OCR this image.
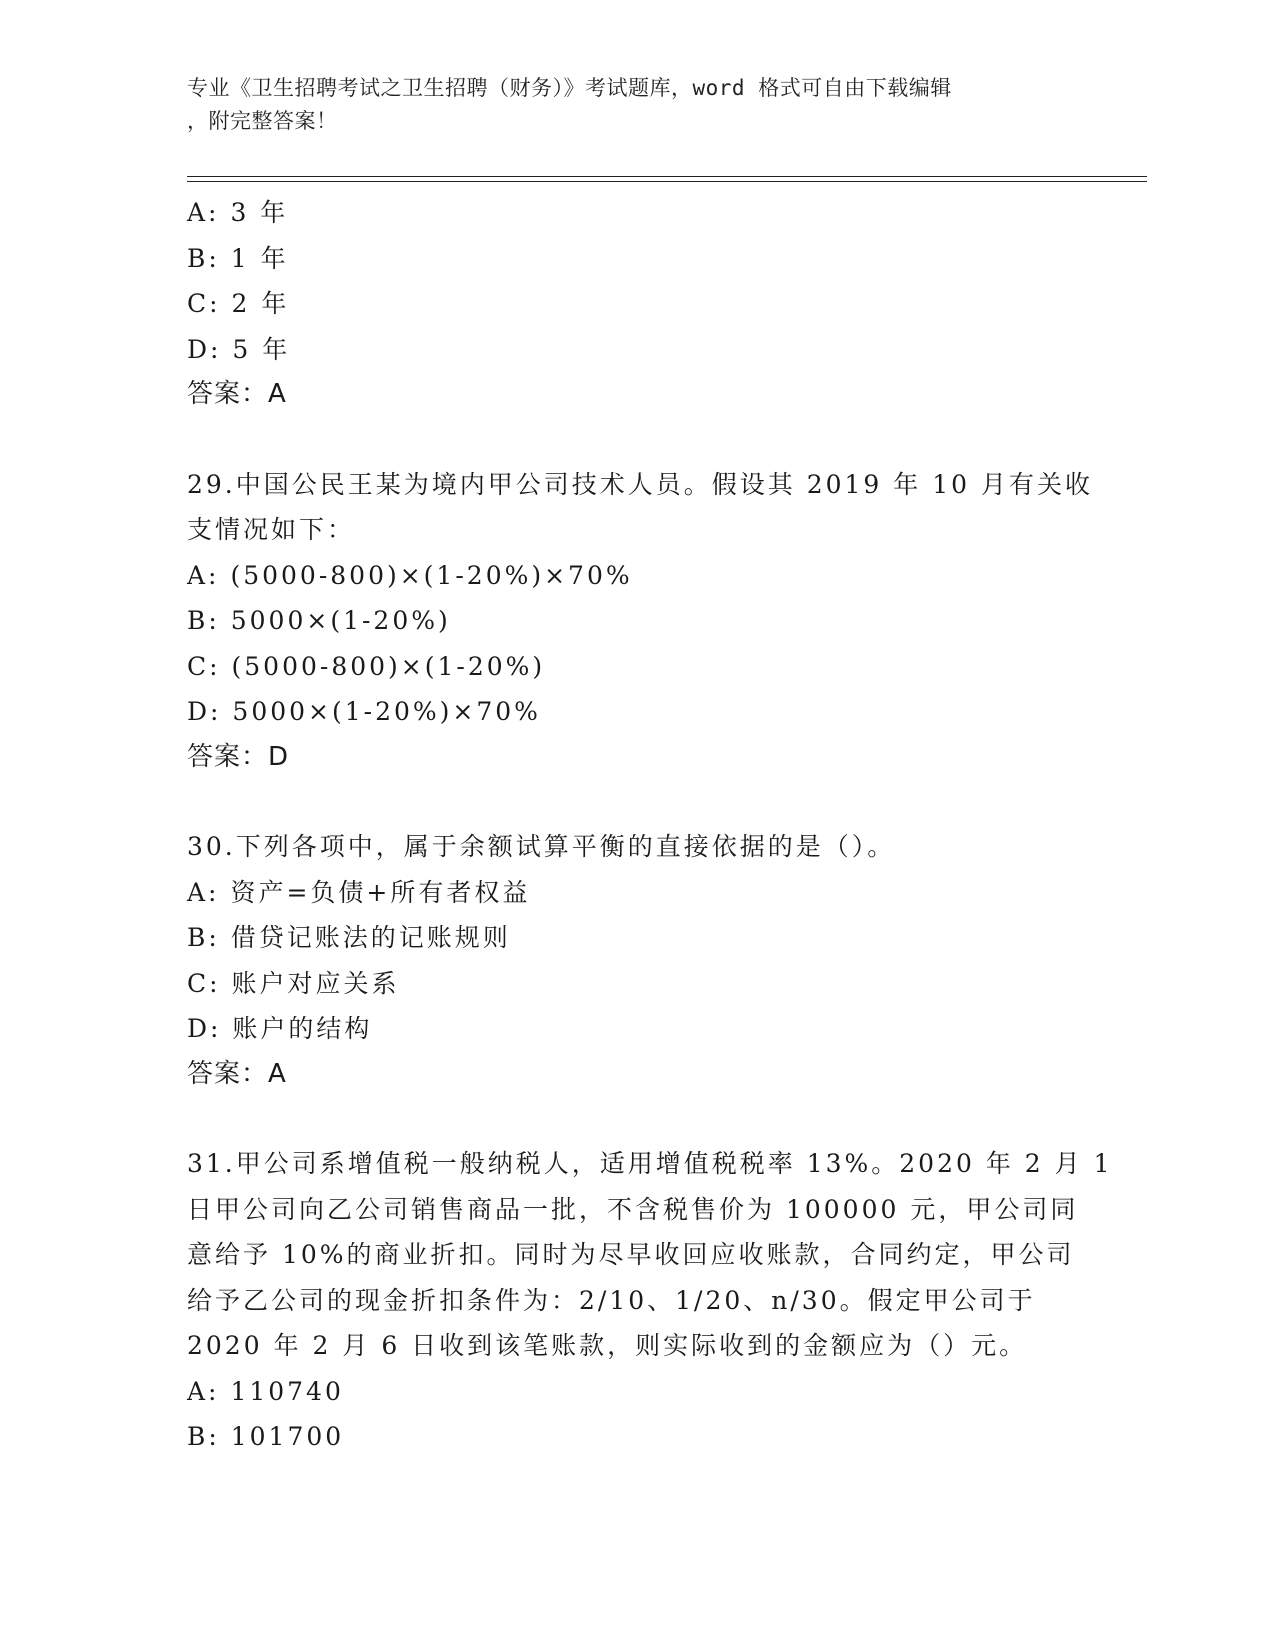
专业《卫生招聘考试之卫生招聘（财务）》考试题库，word 格式可自由下载编辑
，附完整答案！
A: 3 年
B: 1 年
C: 2 年
D: 5 年
答案：A
29.中国公民王某为境内甲公司技术人员。假设其 2019 年 10 月有关收
支情况如下：
A: (5000-800)×(1-20%)×70%
B: 5000×(1-20%)
C: (5000-800)×(1-20%)
D: 5000×(1-20%)×70%
答案：D
30.下列各项中，属于余额试算平衡的直接依据的是（）。
A: 资产=负债+所有者权益
B: 借贷记账法的记账规则
C: 账户对应关系
D: 账户的结构
答案：A
31.甲公司系增值税一般纳税人，适用增值税税率 13%。2020 年 2 月 1
日甲公司向乙公司销售商品一批，不含税售价为 100000 元，甲公司同
意给予 10%的商业折扣。同时为尽早收回应收账款，合同约定，甲公司
给予乙公司的现金折扣条件为：2/10、1/20、n/30。假定甲公司于
2020 年 2 月 6 日收到该笔账款，则实际收到的金额应为（）元。
A: 110740
B: 101700
